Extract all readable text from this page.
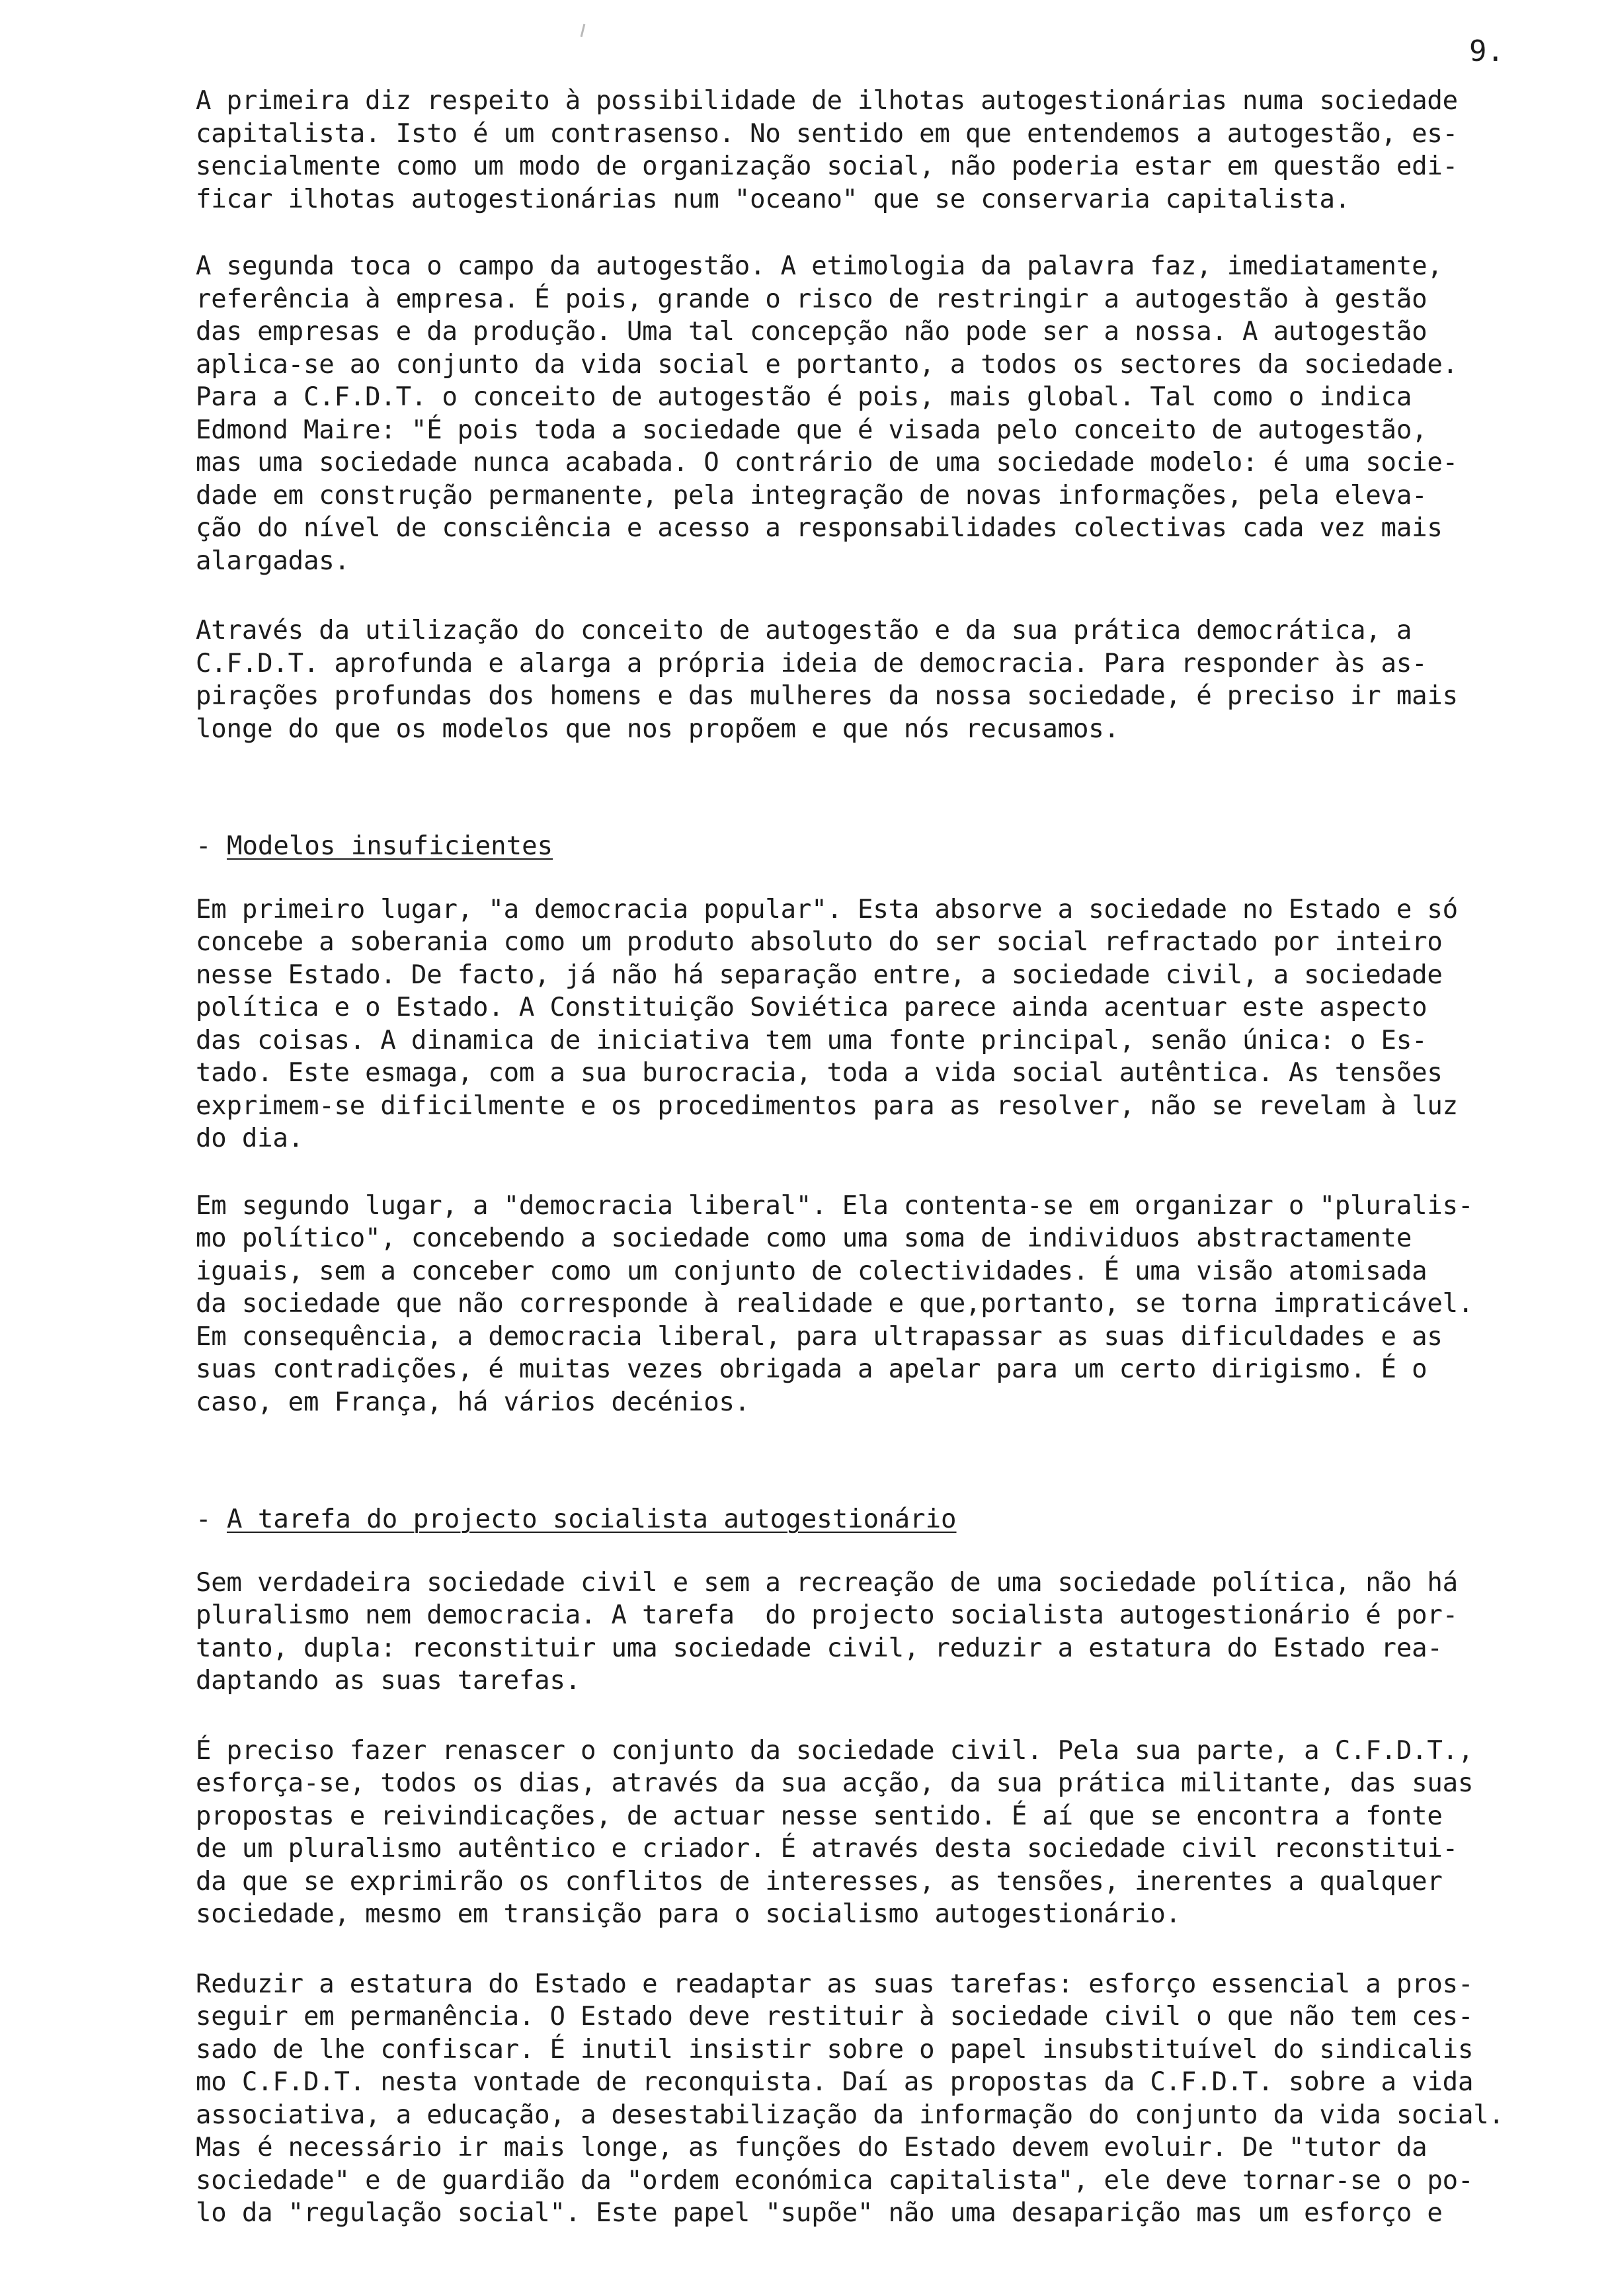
9.

A primeira diz respeito à possibilidade de ilhotas autogestionárias numa sociedade
capitalista. Isto é um contrasenso. No sentido em que entendemos a autogestão, es-
sencialmente como um modo de organização social, não poderia estar em questão edi-
ficar ilhotas autogestionárias num "oceano" que se conservaria capitalista.

A segunda toca o campo da autogestão. A etimologia da palavra faz, imediatamente,
referência à empresa. É pois, grande o risco de restringir a autogestão à gestão
das empresas e da produção. Uma tal concepção não pode ser a nossa. A autogestão
aplica-se ao conjunto da vida social e portanto, a todos os sectores da sociedade.
Para a C.F.D.T. o conceito de autogestão é pois, mais global. Tal como o indica
Edmond Maire: "É pois toda a sociedade que é visada pelo conceito de autogestão,
mas uma sociedade nunca acabada. O contrário de uma sociedade modelo: é uma socie-
dade em construção permanente, pela integração de novas informações, pela eleva-
ção do nível de consciência e acesso a responsabilidades colectivas cada vez mais
alargadas.

Através da utilização do conceito de autogestão e da sua prática democrática, a
C.F.D.T. aprofunda e alarga a própria ideia de democracia. Para responder às as-
pirações profundas dos homens e das mulheres da nossa sociedade, é preciso ir mais
longe do que os modelos que nos propõem e que nós recusamos.

- Modelos insuficientes

Em primeiro lugar, "a democracia popular". Esta absorve a sociedade no Estado e só
concebe a soberania como um produto absoluto do ser social refractado por inteiro
nesse Estado. De facto, já não há separação entre, a sociedade civil, a sociedade
política e o Estado. A Constituição Soviética parece ainda acentuar este aspecto
das coisas. A dinamica de iniciativa tem uma fonte principal, senão única: o Es-
tado. Este esmaga, com a sua burocracia, toda a vida social autêntica. As tensões
exprimem-se dificilmente e os procedimentos para as resolver, não se revelam à luz
do dia.

Em segundo lugar, a "democracia liberal". Ela contenta-se em organizar o "pluralis-
mo político", concebendo a sociedade como uma soma de individuos abstractamente
iguais, sem a conceber como um conjunto de colectividades. É uma visão atomisada
da sociedade que não corresponde à realidade e que,portanto, se torna impraticável.
Em consequência, a democracia liberal, para ultrapassar as suas dificuldades e as
suas contradições, é muitas vezes obrigada a apelar para um certo dirigismo. É o
caso, em França, há vários decénios.

- A tarefa do projecto socialista autogestionário

Sem verdadeira sociedade civil e sem a recreação de uma sociedade política, não há
pluralismo nem democracia. A tarefa  do projecto socialista autogestionário é por-
tanto, dupla: reconstituir uma sociedade civil, reduzir a estatura do Estado rea-
daptando as suas tarefas.

É preciso fazer renascer o conjunto da sociedade civil. Pela sua parte, a C.F.D.T.,
esforça-se, todos os dias, através da sua acção, da sua prática militante, das suas
propostas e reivindicações, de actuar nesse sentido. É aí que se encontra a fonte
de um pluralismo autêntico e criador. É através desta sociedade civil reconstitui-
da que se exprimirão os conflitos de interesses, as tensões, inerentes a qualquer
sociedade, mesmo em transição para o socialismo autogestionário.

Reduzir a estatura do Estado e readaptar as suas tarefas: esforço essencial a pros-
seguir em permanência. O Estado deve restituir à sociedade civil o que não tem ces-
sado de lhe confiscar. É inutil insistir sobre o papel insubstituível do sindicalis
mo C.F.D.T. nesta vontade de reconquista. Daí as propostas da C.F.D.T. sobre a vida
associativa, a educação, a desestabilização da informação do conjunto da vida social.
Mas é necessário ir mais longe, as funções do Estado devem evoluir. De "tutor da
sociedade" e de guardião da "ordem económica capitalista", ele deve tornar-se o po-
lo da "regulação social". Este papel "supõe" não uma desaparição mas um esforço e
